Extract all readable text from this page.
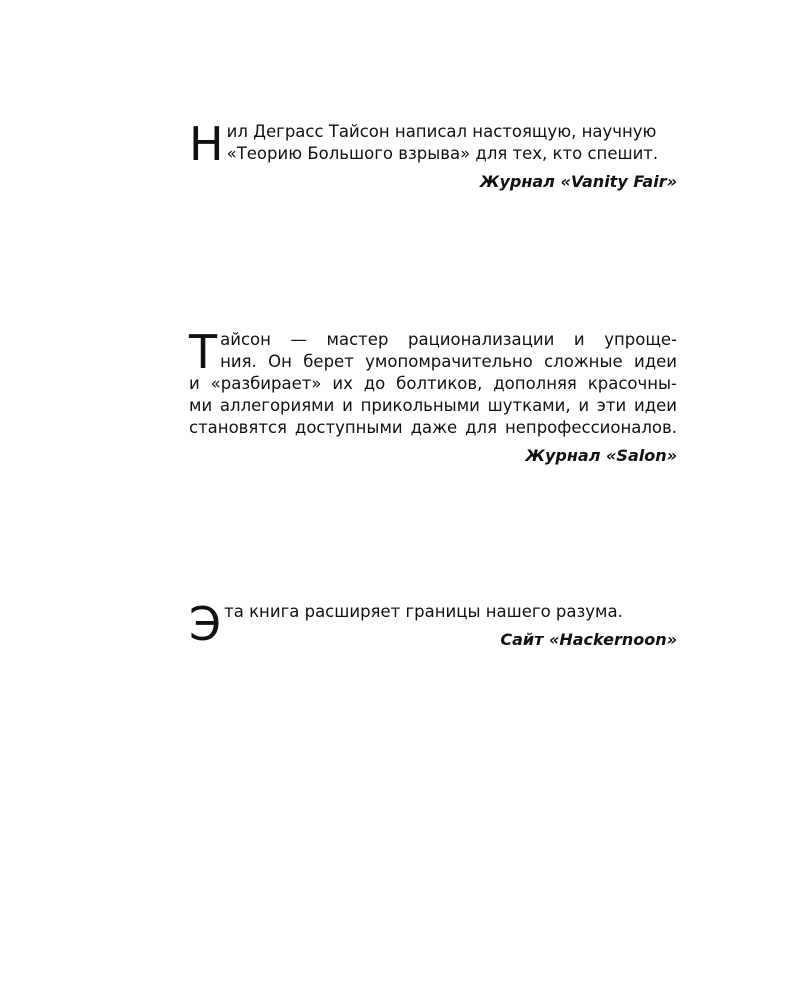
Н ил Деграсс Тайсон написал настоящую, научную
«Теорию Большого взрыва» для тех, кто спешит.
Журнал «Vanity Fair»
Т айсон — мастер рационализации и упроще-
ния. Он берет умопомрачительно сложные идеи
и «разбирает» их до болтиков, дополняя красочны-
ми аллегориями и прикольными шутками, и эти идеи
становятся доступными даже для непрофессионалов.
Журнал «Salon»
Э та книга расширяет границы нашего разума.
Сайт «Hackernoon»
